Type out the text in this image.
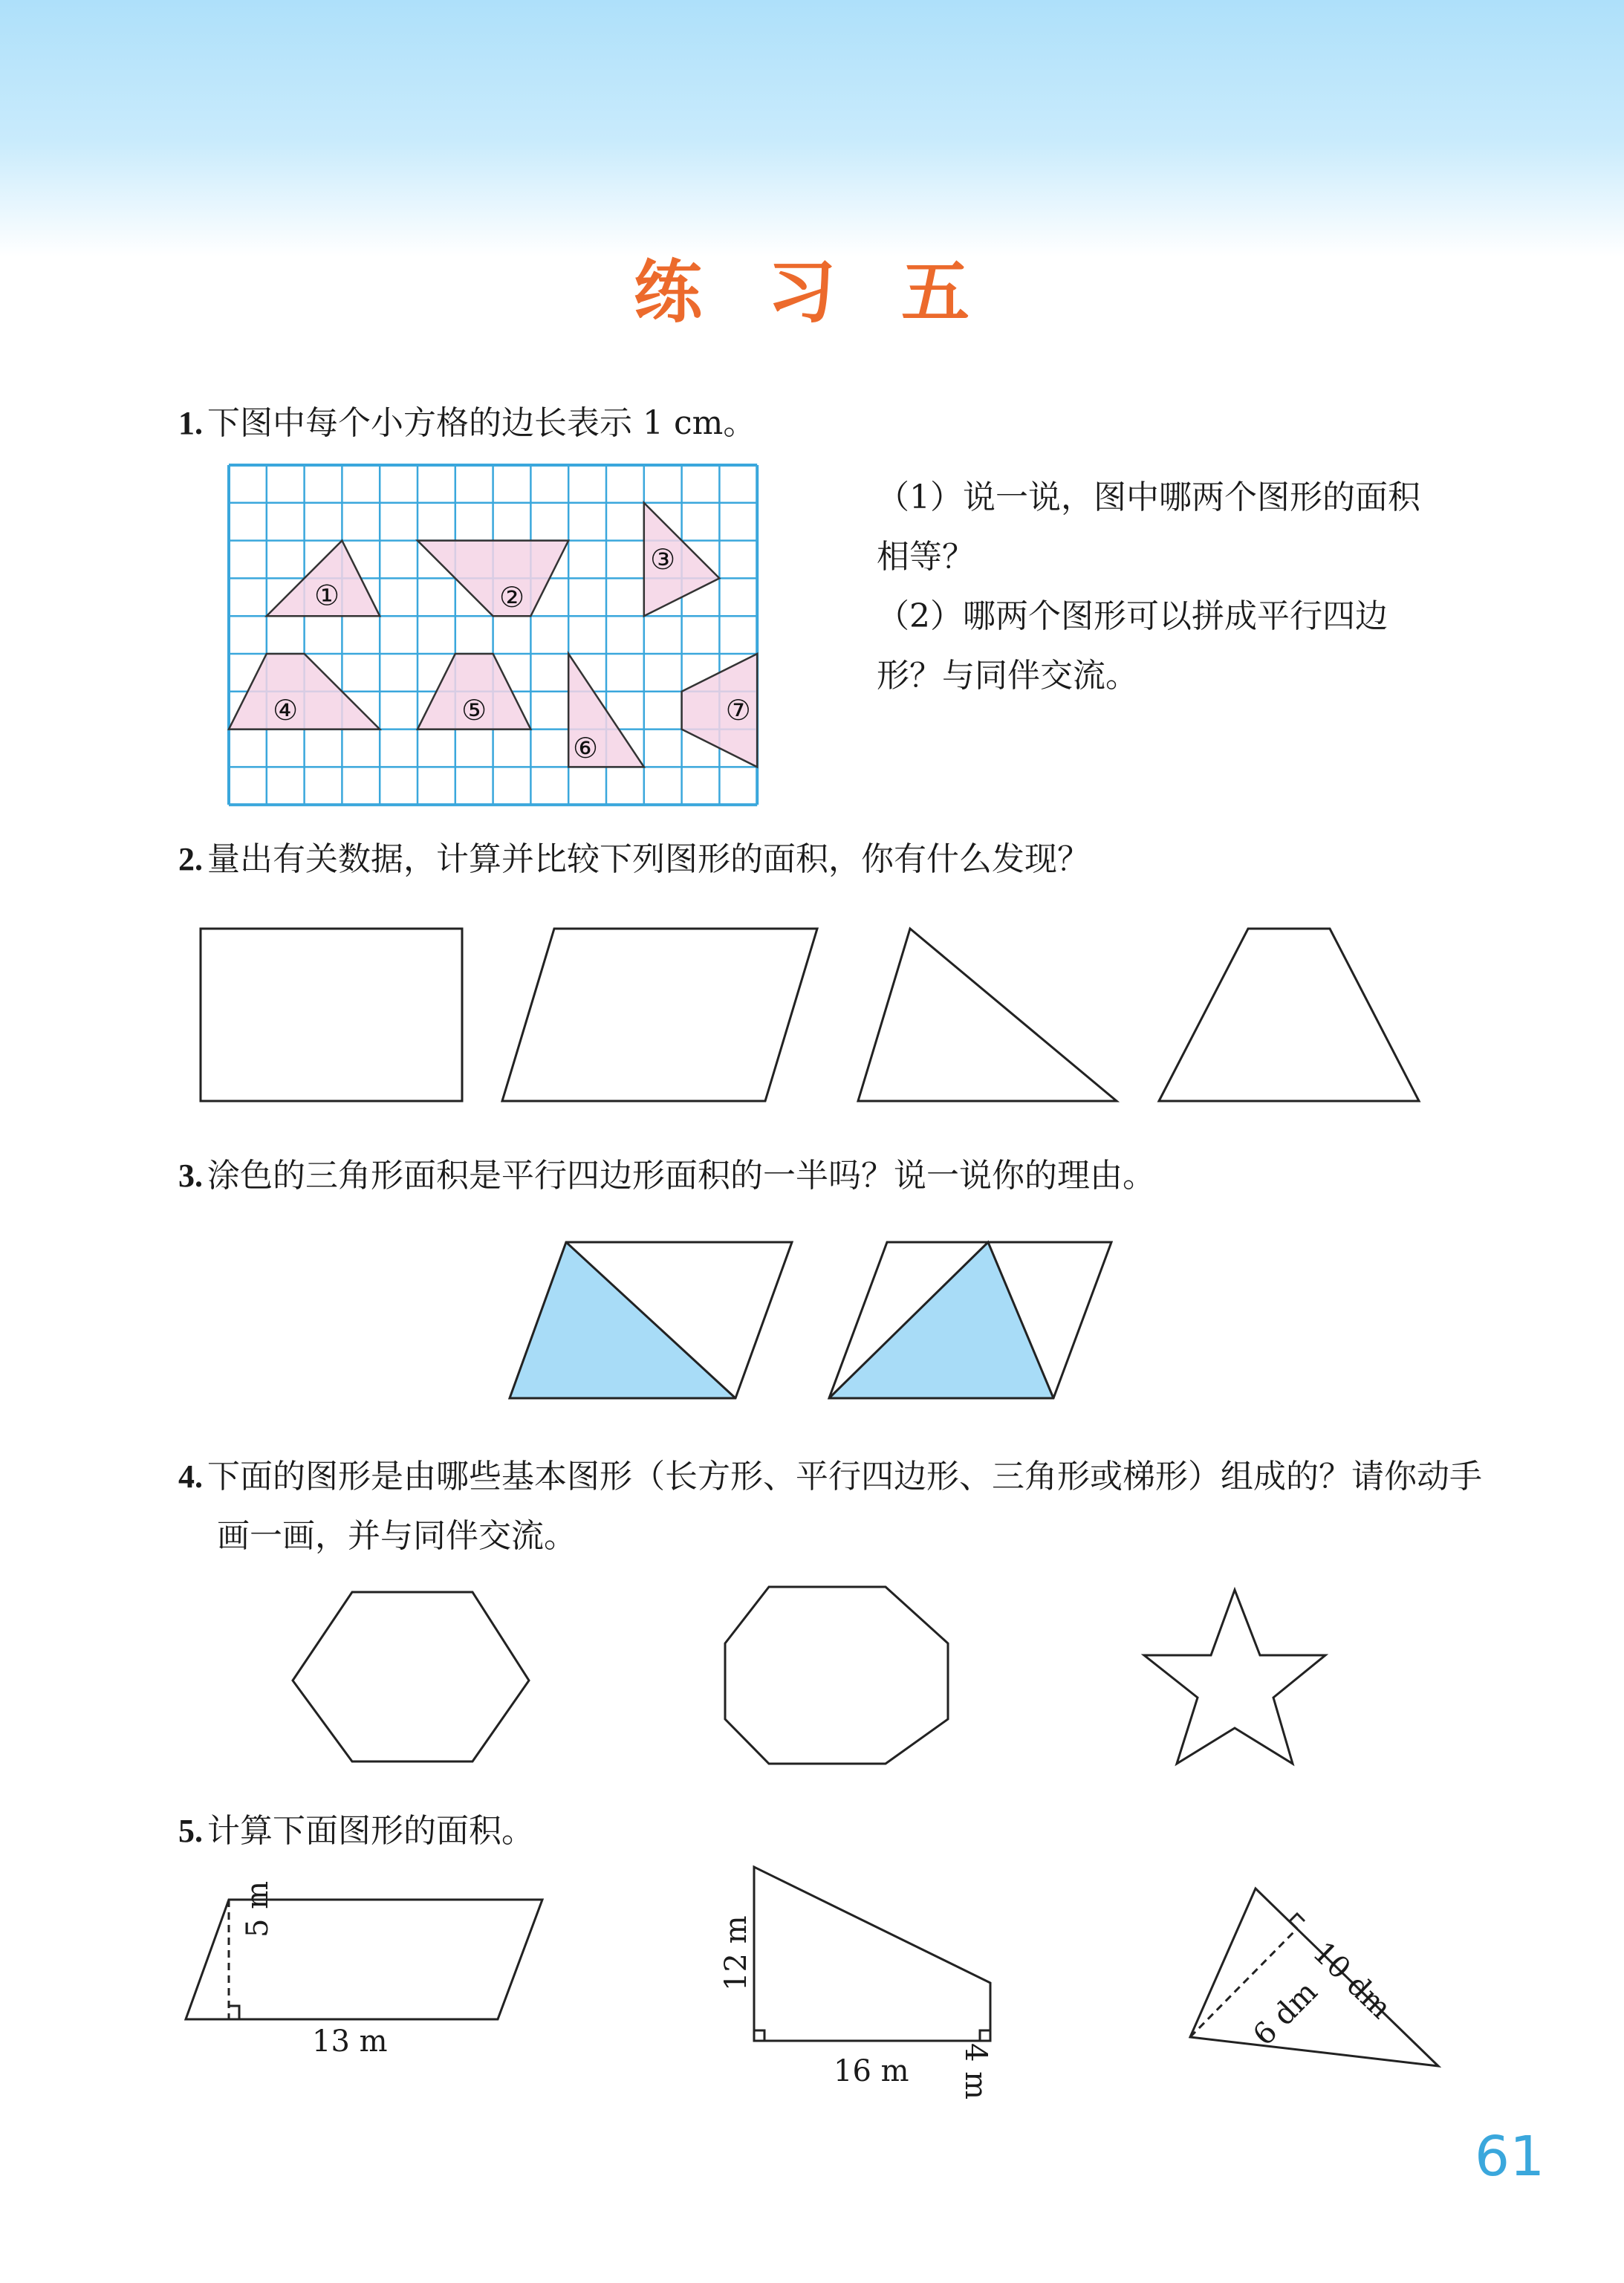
练 习 五
1. 下图中每个小方格的边长表示 1 cm。
（1）说一说，图中哪两个图形的面积相等？
（2）哪两个图形可以拼成平行四边形？与同伴交流。
①	②
③
④	⑤
⑥
⑦
2. 量出有关数据，计算并比较下列图形的面积，你有什么发现？
3. 涂色的三角形面积是平行四边形面积的一半吗？说一说你的理由。
4. 下面的图形是由哪些基本图形（长方形、平行四边形、三角形或梯形）组成的？请你动手画一画，并与同伴交流。
5. 计算下面图形的面积。
5 m
13 m
12 m
4 m
16 m
10 dm
6 dm
61
